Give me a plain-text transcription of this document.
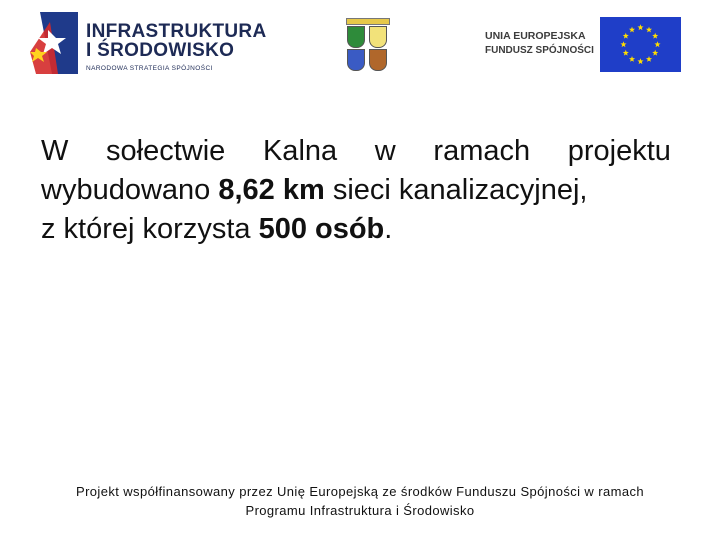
INFRASTRUKTURA
I ŚRODOWISKO
NARODOWA STRATEGIA SPÓJNOŚCI
UNIA EUROPEJSKA
FUNDUSZ SPÓJNOŚCI
W sołectwie Kalna w ramach projektu
wybudowano 8,62 km sieci kanalizacyjnej,
z której korzysta 500 osób.
Projekt współfinansowany przez Unię Europejską ze środków Funduszu Spójności w ramach
Programu Infrastruktura i Środowisko
